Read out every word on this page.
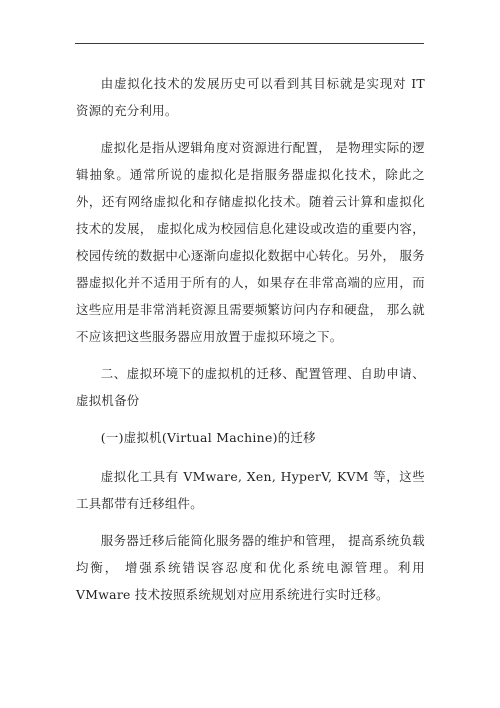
由虚拟化技术的发展历史可以看到其目标就是实现对 IT 资源的充分利用。

虚拟化是指从逻辑角度对资源进行配置， 是物理实际的逻辑抽象。通常所说的虚拟化是指服务器虚拟化技术，除此之外，还有网络虚拟化和存储虚拟化技术。随着云计算和虚拟化技术的发展， 虚拟化成为校园信息化建设或改造的重要内容， 校园传统的数据中心逐渐向虚拟化数据中心转化。另外， 服务器虚拟化并不适用于所有的人，如果存在非常高端的应用，而这些应用是非常消耗资源且需要频繁访问内存和硬盘， 那么就不应该把这些服务器应用放置于虚拟环境之下。

二、虚拟环境下的虚拟机的迁移、配置管理、自助申请、虚拟机备份

(一)虚拟机(Virtual Machine)的迁移

虚拟化工具有 VMware, Xen, HyperV, KVM 等，这些工具都带有迁移组件。

服务器迁移后能简化服务器的维护和管理， 提高系统负载均衡， 增强系统错误容忍度和优化系统电源管理。利用 VMware 技术按照系统规划对应用系统进行实时迁移。
